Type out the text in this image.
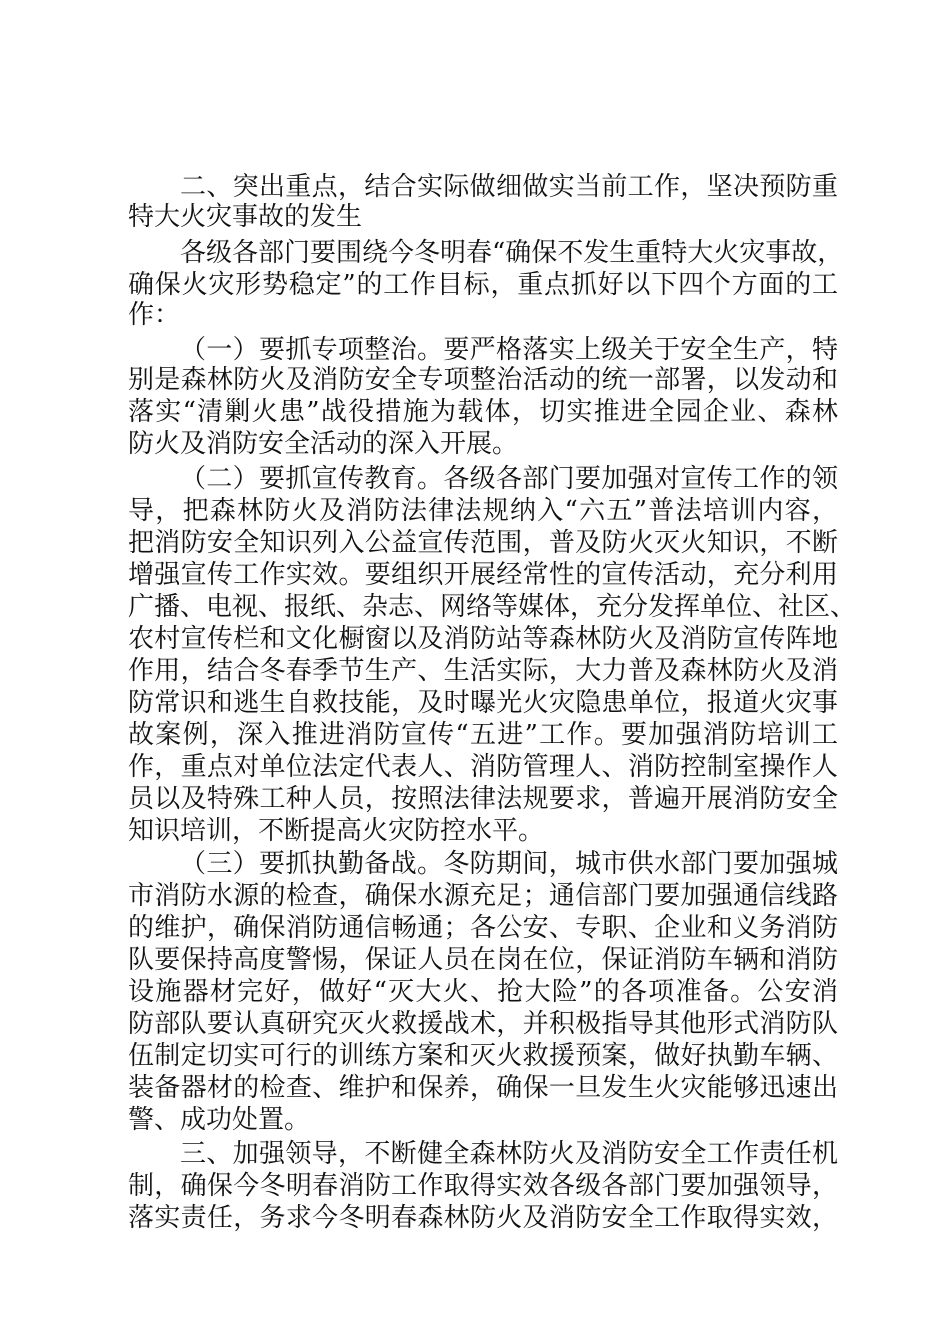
二、突出重点，结合实际做细做实当前工作，坚决预防重
特大火灾事故的发生
各级各部门要围绕今冬明春“确保不发生重特大火灾事故，
确保火灾形势稳定”的工作目标，重点抓好以下四个方面的工
作：
（一）要抓专项整治。要严格落实上级关于安全生产，特
别是森林防火及消防安全专项整治活动的统一部署，以发动和
落实“清剿火患”战役措施为载体，切实推进全园企业、森林
防火及消防安全活动的深入开展。
（二）要抓宣传教育。各级各部门要加强对宣传工作的领
导，把森林防火及消防法律法规纳入“六五”普法培训内容，
把消防安全知识列入公益宣传范围，普及防火灭火知识，不断
增强宣传工作实效。要组织开展经常性的宣传活动，充分利用
广播、电视、报纸、杂志、网络等媒体，充分发挥单位、社区、
农村宣传栏和文化橱窗以及消防站等森林防火及消防宣传阵地
作用，结合冬春季节生产、生活实际，大力普及森林防火及消
防常识和逃生自救技能，及时曝光火灾隐患单位，报道火灾事
故案例，深入推进消防宣传“五进”工作。要加强消防培训工
作，重点对单位法定代表人、消防管理人、消防控制室操作人
员以及特殊工种人员，按照法律法规要求，普遍开展消防安全
知识培训，不断提高火灾防控水平。
（三）要抓执勤备战。冬防期间，城市供水部门要加强城
市消防水源的检查，确保水源充足；通信部门要加强通信线路
的维护，确保消防通信畅通；各公安、专职、企业和义务消防
队要保持高度警惕，保证人员在岗在位，保证消防车辆和消防
设施器材完好，做好“灭大火、抢大险”的各项准备。公安消
防部队要认真研究灭火救援战术，并积极指导其他形式消防队
伍制定切实可行的训练方案和灭火救援预案，做好执勤车辆、
装备器材的检查、维护和保养，确保一旦发生火灾能够迅速出
警、成功处置。
三、加强领导，不断健全森林防火及消防安全工作责任机
制，确保今冬明春消防工作取得实效各级各部门要加强领导，
落实责任，务求今冬明春森林防火及消防安全工作取得实效，
